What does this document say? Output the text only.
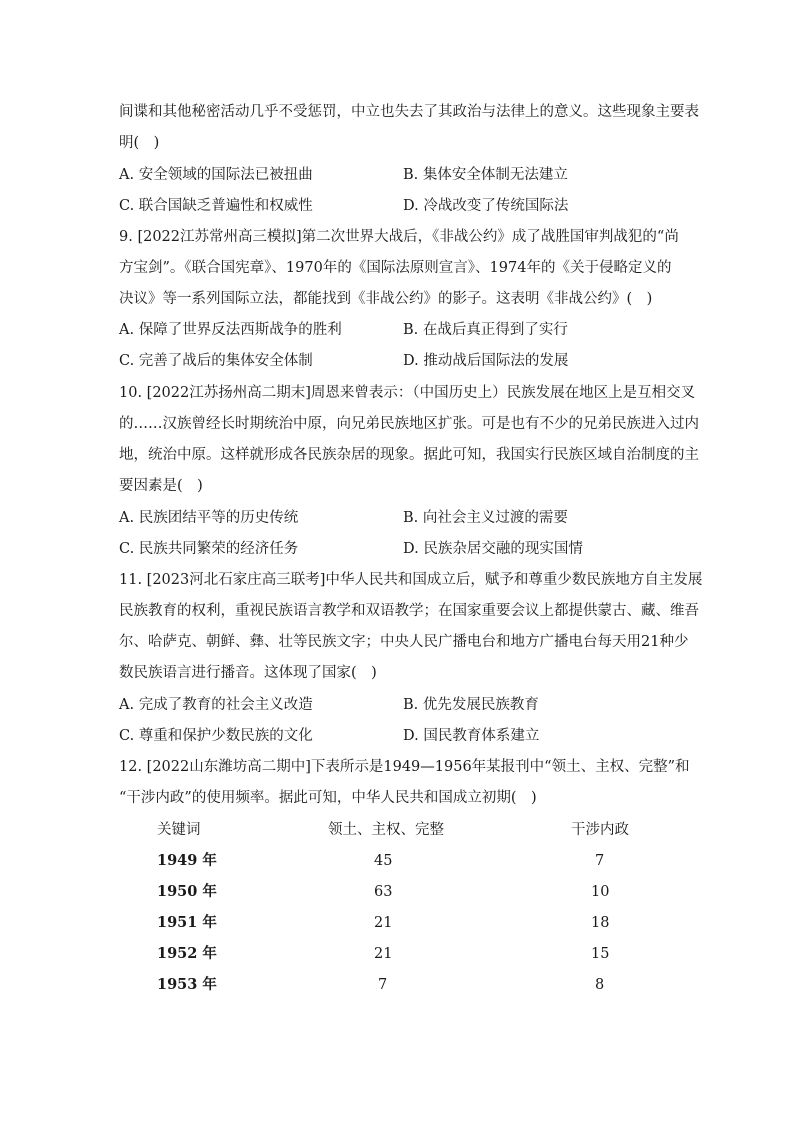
间谍和其他秘密活动几乎不受惩罚，中立也失去了其政治与法律上的意义。这些现象主要表
明(　)
A. 安全领域的国际法已被扭曲	B. 集体安全体制无法建立
C. 联合国缺乏普遍性和权威性	D. 冷战改变了传统国际法
9. [2022江苏常州高三模拟]第二次世界大战后，《非战公约》成了战胜国审判战犯的“尚
方宝剑”。《联合国宪章》、1970年的《国际法原则宣言》、1974年的《关于侵略定义的
决议》等一系列国际立法，都能找到《非战公约》的影子。这表明《非战公约》(　)
A. 保障了世界反法西斯战争的胜利	B. 在战后真正得到了实行
C. 完善了战后的集体安全体制	D. 推动战后国际法的发展
10. [2022江苏扬州高二期末]周恩来曾表示：（中国历史上）民族发展在地区上是互相交叉
的……汉族曾经长时期统治中原，向兄弟民族地区扩张。可是也有不少的兄弟民族进入过内
地，统治中原。这样就形成各民族杂居的现象。据此可知，我国实行民族区域自治制度的主
要因素是(　)
A. 民族团结平等的历史传统	B. 向社会主义过渡的需要
C. 民族共同繁荣的经济任务	D. 民族杂居交融的现实国情
11. [2023河北石家庄高三联考]中华人民共和国成立后，赋予和尊重少数民族地方自主发展
民族教育的权利，重视民族语言教学和双语教学；在国家重要会议上都提供蒙古、藏、维吾
尔、哈萨克、朝鲜、彝、壮等民族文字；中央人民广播电台和地方广播电台每天用21种少
数民族语言进行播音。这体现了国家(　)
A. 完成了教育的社会主义改造	B. 优先发展民族教育
C. 尊重和保护少数民族的文化	D. 国民教育体系建立
12. [2022山东潍坊高二期中]下表所示是1949—1956年某报刊中“领土、主权、完整”和
“干涉内政”的使用频率。据此可知，中华人民共和国成立初期(　)
关键词	领土、主权、完整	干涉内政
1949 年	45	7
1950 年	63	10
1951 年	21	18
1952 年	21	15
1953 年	7	8
